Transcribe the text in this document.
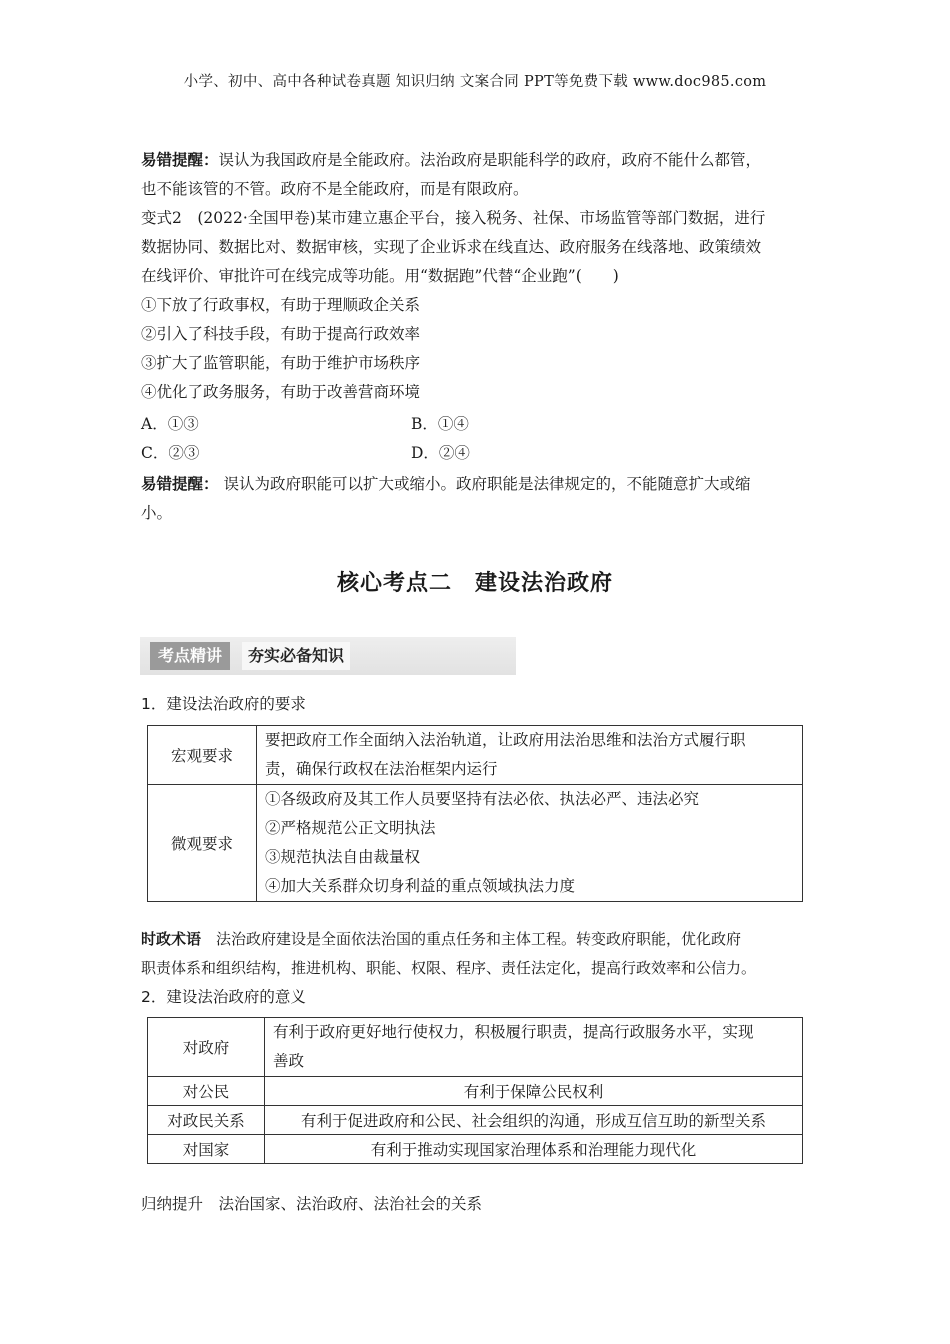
小学、初中、高中各种试卷真题 知识归纳 文案合同 PPT等免费下载 www.doc985.com
易错提醒：误认为我国政府是全能政府。法治政府是职能科学的政府，政府不能什么都管，
也不能该管的不管。政府不是全能政府，而是有限政府。
变式2　(2022·全国甲卷)某市建立惠企平台，接入税务、社保、市场监管等部门数据，进行
数据协同、数据比对、数据审核，实现了企业诉求在线直达、政府服务在线落地、政策绩效
在线评价、审批许可在线完成等功能。用“数据跑”代替“企业跑”(　　)
①下放了行政事权，有助于理顺政企关系
②引入了科技手段，有助于提高行政效率
③扩大了监管职能，有助于维护市场秩序
④优化了政务服务，有助于改善营商环境
A．①③	B．①④
C．②③	D．②④
易错提醒： 误认为政府职能可以扩大或缩小。政府职能是法律规定的，不能随意扩大或缩
小。
核心考点二　建设法治政府
考点精讲	夯实必备知识
1．建设法治政府的要求
宏观要求	要把政府工作全面纳入法治轨道，让政府用法治思维和法治方式履行职
责，确保行政权在法治框架内运行

微观要求	①各级政府及其工作人员要坚持有法必依、执法必严、违法必究
②严格规范公正文明执法
③规范执法自由裁量权
④加大关系群众切身利益的重点领域执法力度
时政术语　法治政府建设是全面依法治国的重点任务和主体工程。转变政府职能，优化政府
职责体系和组织结构，推进机构、职能、权限、程序、责任法定化，提高行政效率和公信力。
2．建设法治政府的意义
对政府	有利于政府更好地行使权力，积极履行职责，提高行政服务水平，实现
善政

对公民	有利于保障公民权利
对政民关系	有利于促进政府和公民、社会组织的沟通，形成互信互助的新型关系
对国家	有利于推动实现国家治理体系和治理能力现代化
归纳提升　法治国家、法治政府、法治社会的关系
